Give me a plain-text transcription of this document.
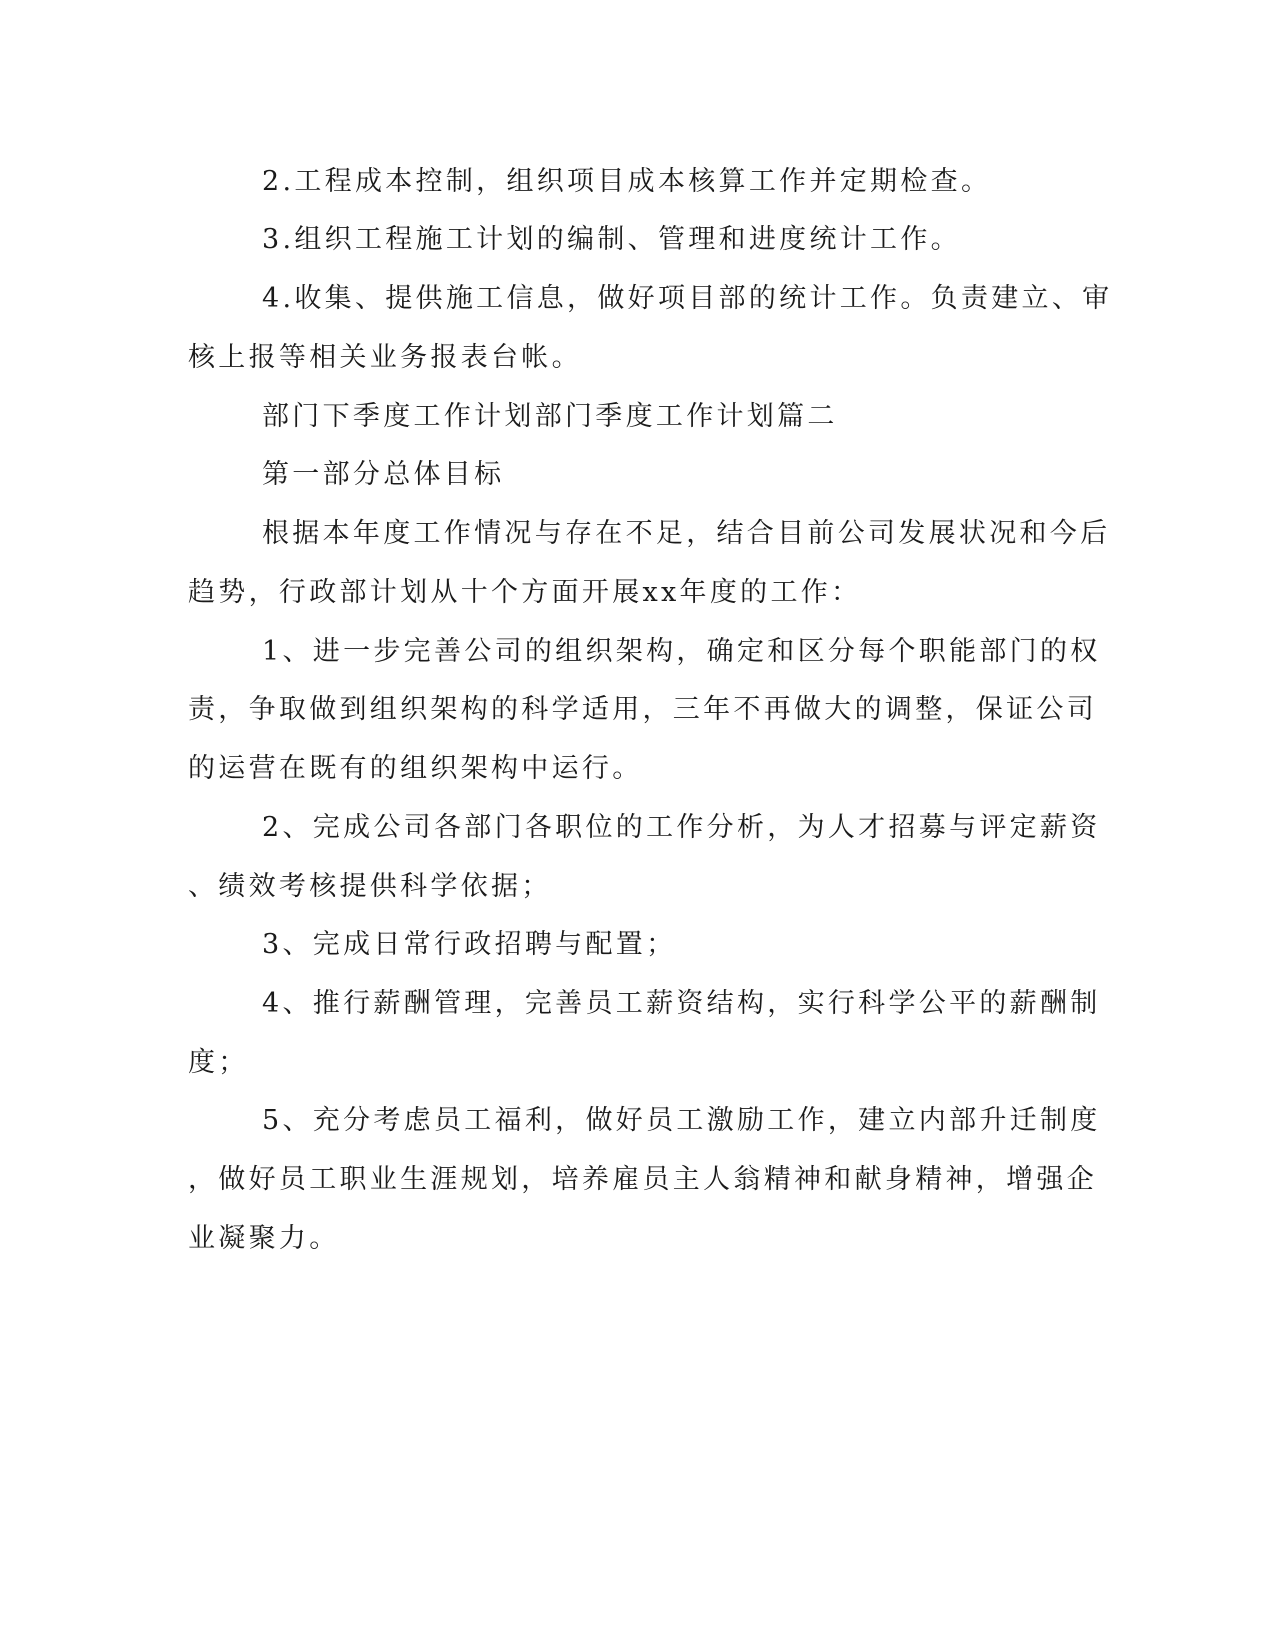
2.工程成本控制，组织项目成本核算工作并定期检查。

3.组织工程施工计划的编制、管理和进度统计工作。

4.收集、提供施工信息，做好项目部的统计工作。负责建立、审

核上报等相关业务报表台帐。

部门下季度工作计划部门季度工作计划篇二

第一部分总体目标

根据本年度工作情况与存在不足，结合目前公司发展状况和今后

趋势，行政部计划从十个方面开展xx年度的工作：

1、进一步完善公司的组织架构，确定和区分每个职能部门的权

责，争取做到组织架构的科学适用，三年不再做大的调整，保证公司

的运营在既有的组织架构中运行。

2、完成公司各部门各职位的工作分析，为人才招募与评定薪资

、绩效考核提供科学依据；

3、完成日常行政招聘与配置；

4、推行薪酬管理，完善员工薪资结构，实行科学公平的薪酬制

度；

5、充分考虑员工福利，做好员工激励工作，建立内部升迁制度

，做好员工职业生涯规划，培养雇员主人翁精神和献身精神，增强企

业凝聚力。
